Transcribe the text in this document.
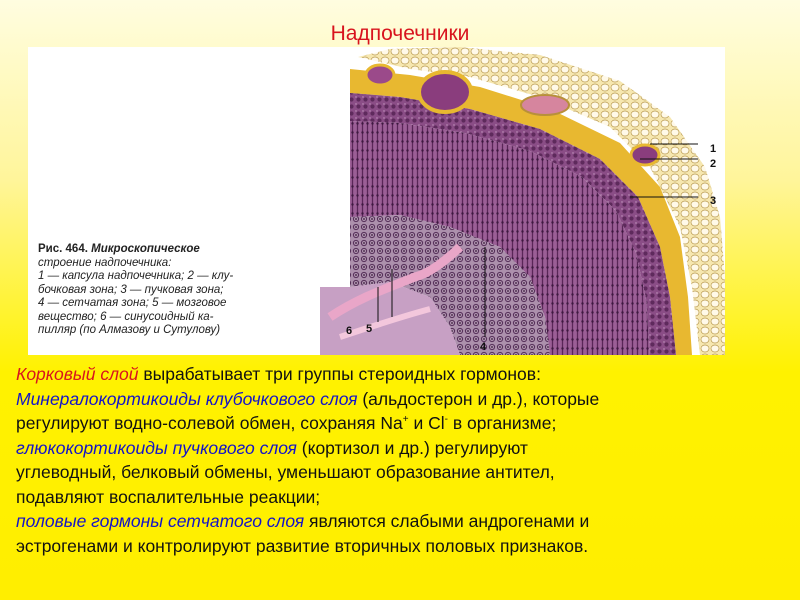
Надпочечники
1
2
3
4
5
6
Рис. 464. Микроскопическое
строение надпочечника:
1 — капсула надпочечника; 2 — клу-
бочковая зона; 3 — пучковая зона;
4 — сетчатая зона; 5 — мозговое
вещество; 6 — синусоидный ка-
пилляр (по Алмазову и Сутулову)
Корковый слой вырабатывает три группы стероидных гормонов:
Минералокортикоиды клубочкового слоя (альдостерон и др.), которые
регулируют водно-солевой обмен, сохраняя Na+ и Cl- в организме;
глюкокортикоиды пучкового слоя (кортизол и др.) регулируют
углеводный, белковый обмены, уменьшают образование антител,
подавляют воспалительные реакции;
половые гормоны сетчатого слоя являются слабыми андрогенами и
эстрогенами и контролируют развитие вторичных половых признаков.
